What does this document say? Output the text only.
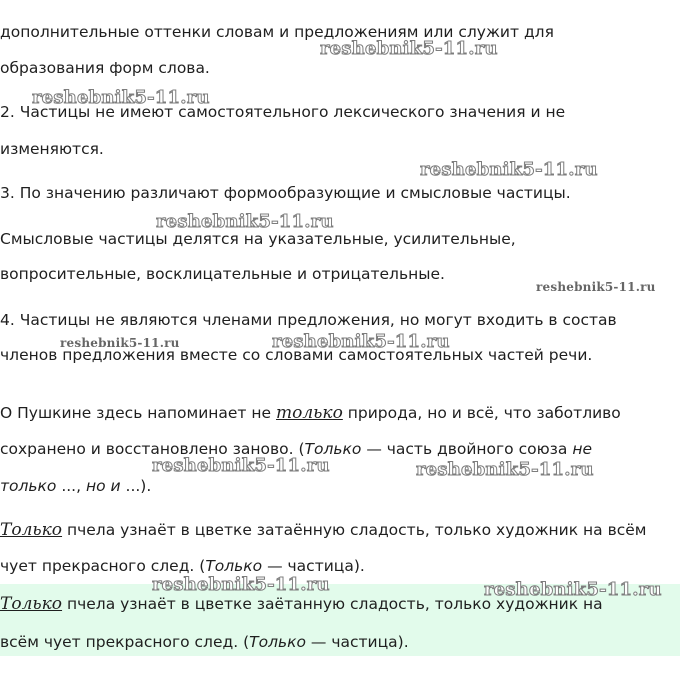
дополнительные оттенки словам и предложениям или служит для
образования форм слова.
2. Частицы не имеют самостоятельного лексического значения и не
изменяются.
3. По значению различают формообразующие и смысловые частицы.
Смысловые частицы делятся на указательные, усилительные,
вопросительные, восклицательные и отрицательные.
4. Частицы не являются членами предложения, но могут входить в состав
членов предложения вместе со словами самостоятельных частей речи.
О Пушкине здесь напоминает не только природа, но и всё, что заботливо
сохранено и восстановлено заново. (Только — часть двойного союза не
только ..., но и ...).
Только пчела узнаёт в цветке затаённую сладость, только художник на всём
чует прекрасного след. (Только — частица).
Только пчела узнаёт в цветке заётанную сладость, только художник на
всём чует прекрасного след. (Только — частица).
reshebnik5-11.ru
reshebnik5-11.ru
reshebnik5-11.ru
reshebnik5-11.ru
reshebnik5-11.ru
reshebnik5-11.ru	reshebnik5-11.ru
reshebnik5-11.ru	reshebnik5-11.ru
reshebnik5-11.ru	reshebnik5-11.ru
